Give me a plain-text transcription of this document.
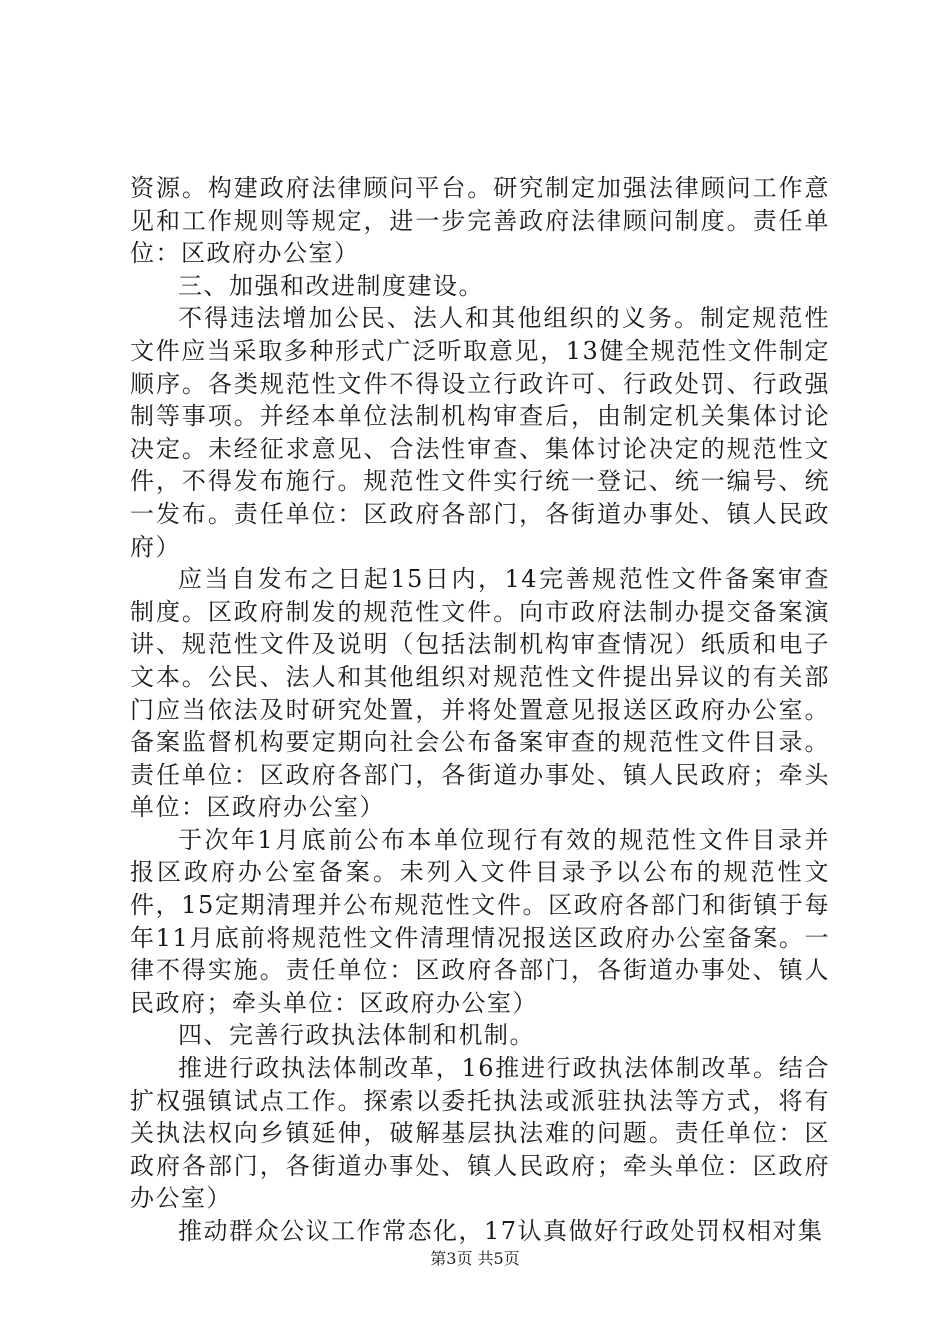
资源。构建政府法律顾问平台。研究制定加强法律顾问工作意见和工作规则等规定，进一步完善政府法律顾问制度。责任单位：区政府办公室）

三、加强和改进制度建设。

不得违法增加公民、法人和其他组织的义务。制定规范性文件应当采取多种形式广泛听取意见，13健全规范性文件制定顺序。各类规范性文件不得设立行政许可、行政处罚、行政强制等事项。并经本单位法制机构审查后，由制定机关集体讨论决定。未经征求意见、合法性审查、集体讨论决定的规范性文件，不得发布施行。规范性文件实行统一登记、统一编号、统一发布。责任单位：区政府各部门，各街道办事处、镇人民政府）

应当自发布之日起15日内，14完善规范性文件备案审查制度。区政府制发的规范性文件。向市政府法制办提交备案演讲、规范性文件及说明（包括法制机构审查情况）纸质和电子文本。公民、法人和其他组织对规范性文件提出异议的有关部门应当依法及时研究处置，并将处置意见报送区政府办公室。备案监督机构要定期向社会公布备案审查的规范性文件目录。责任单位：区政府各部门，各街道办事处、镇人民政府；牵头单位：区政府办公室）

于次年1月底前公布本单位现行有效的规范性文件目录并报区政府办公室备案。未列入文件目录予以公布的规范性文件，15定期清理并公布规范性文件。区政府各部门和街镇于每年11月底前将规范性文件清理情况报送区政府办公室备案。一律不得实施。责任单位：区政府各部门，各街道办事处、镇人民政府；牵头单位：区政府办公室）

四、完善行政执法体制和机制。

推进行政执法体制改革，16推进行政执法体制改革。结合扩权强镇试点工作。探索以委托执法或派驻执法等方式，将有关执法权向乡镇延伸，破解基层执法难的问题。责任单位：区政府各部门，各街道办事处、镇人民政府；牵头单位：区政府办公室）

推动群众公议工作常态化，17认真做好行政处罚权相对集

第3页 共5页
